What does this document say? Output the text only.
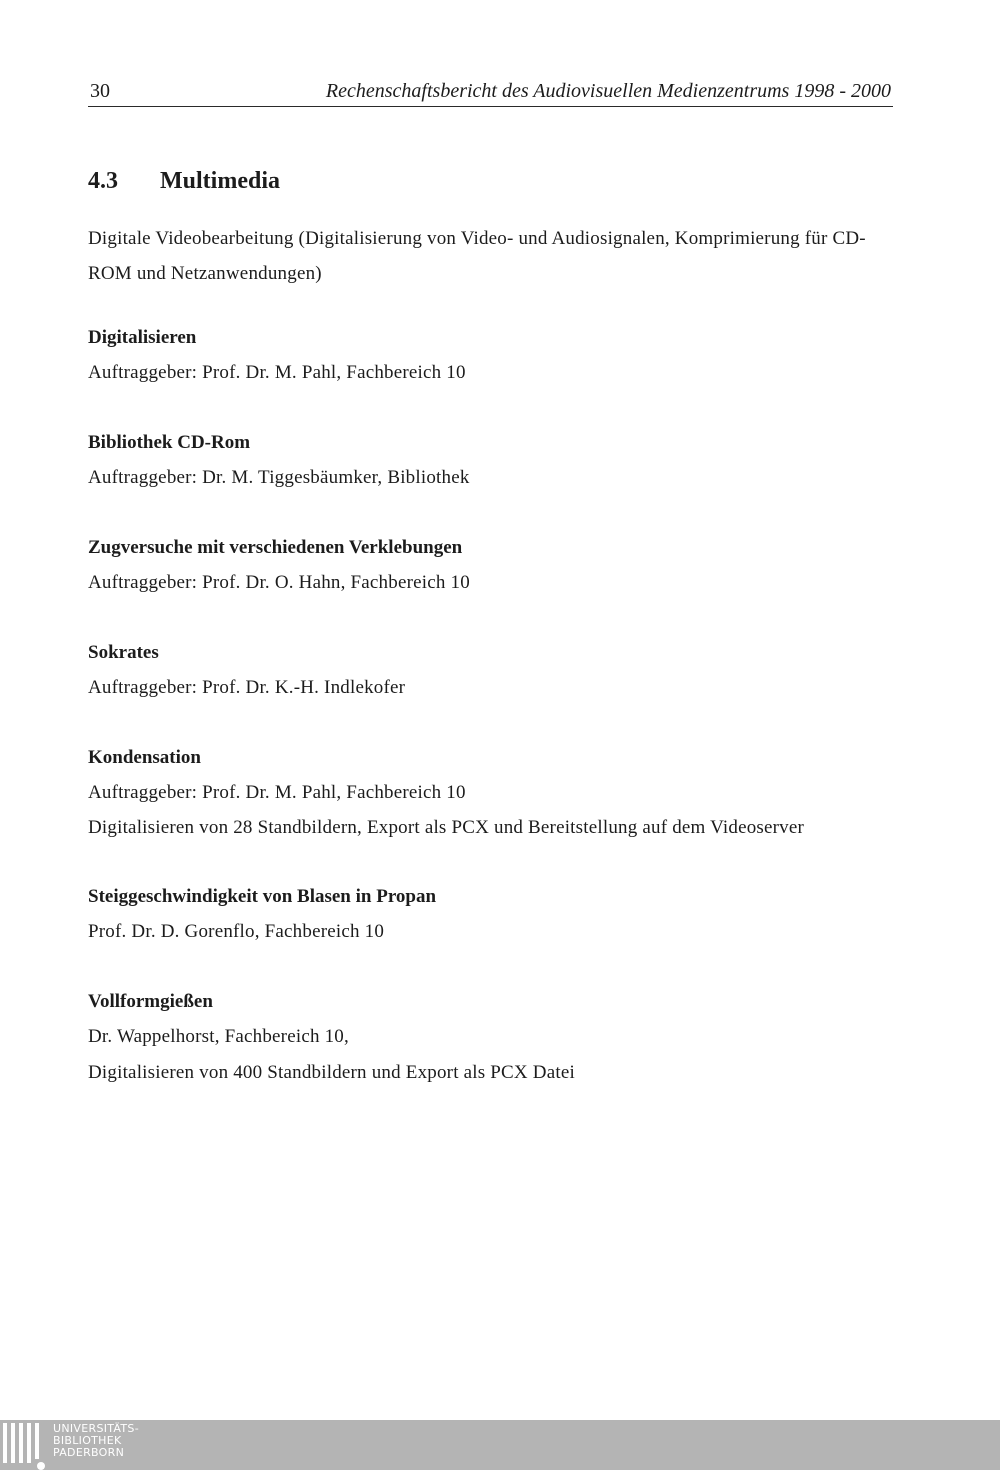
30	Rechenschaftsbericht des Audiovisuellen Medienzentrums 1998 - 2000
4.3 Multimedia
Digitale Videobearbeitung (Digitalisierung von Video- und Audiosignalen, Komprimierung für CD-ROM und Netzanwendungen)
Digitalisieren
Auftraggeber: Prof. Dr. M. Pahl, Fachbereich 10
Bibliothek CD-Rom
Auftraggeber: Dr. M. Tiggesbäumker, Bibliothek
Zugversuche mit verschiedenen Verklebungen
Auftraggeber: Prof. Dr. O. Hahn, Fachbereich 10
Sokrates
Auftraggeber: Prof. Dr. K.-H. Indlekofer
Kondensation
Auftraggeber: Prof. Dr. M. Pahl, Fachbereich 10
Digitalisieren von 28 Standbildern, Export als PCX und Bereitstellung auf dem Videoserver
Steiggeschwindigkeit von Blasen in Propan
Prof. Dr. D. Gorenflo, Fachbereich 10
Vollformgießen
Dr. Wappelhorst, Fachbereich 10,
Digitalisieren von 400 Standbildern und Export als PCX Datei
UNIVERSITÄTS-
BIBLIOTHEK
PADERBORN
